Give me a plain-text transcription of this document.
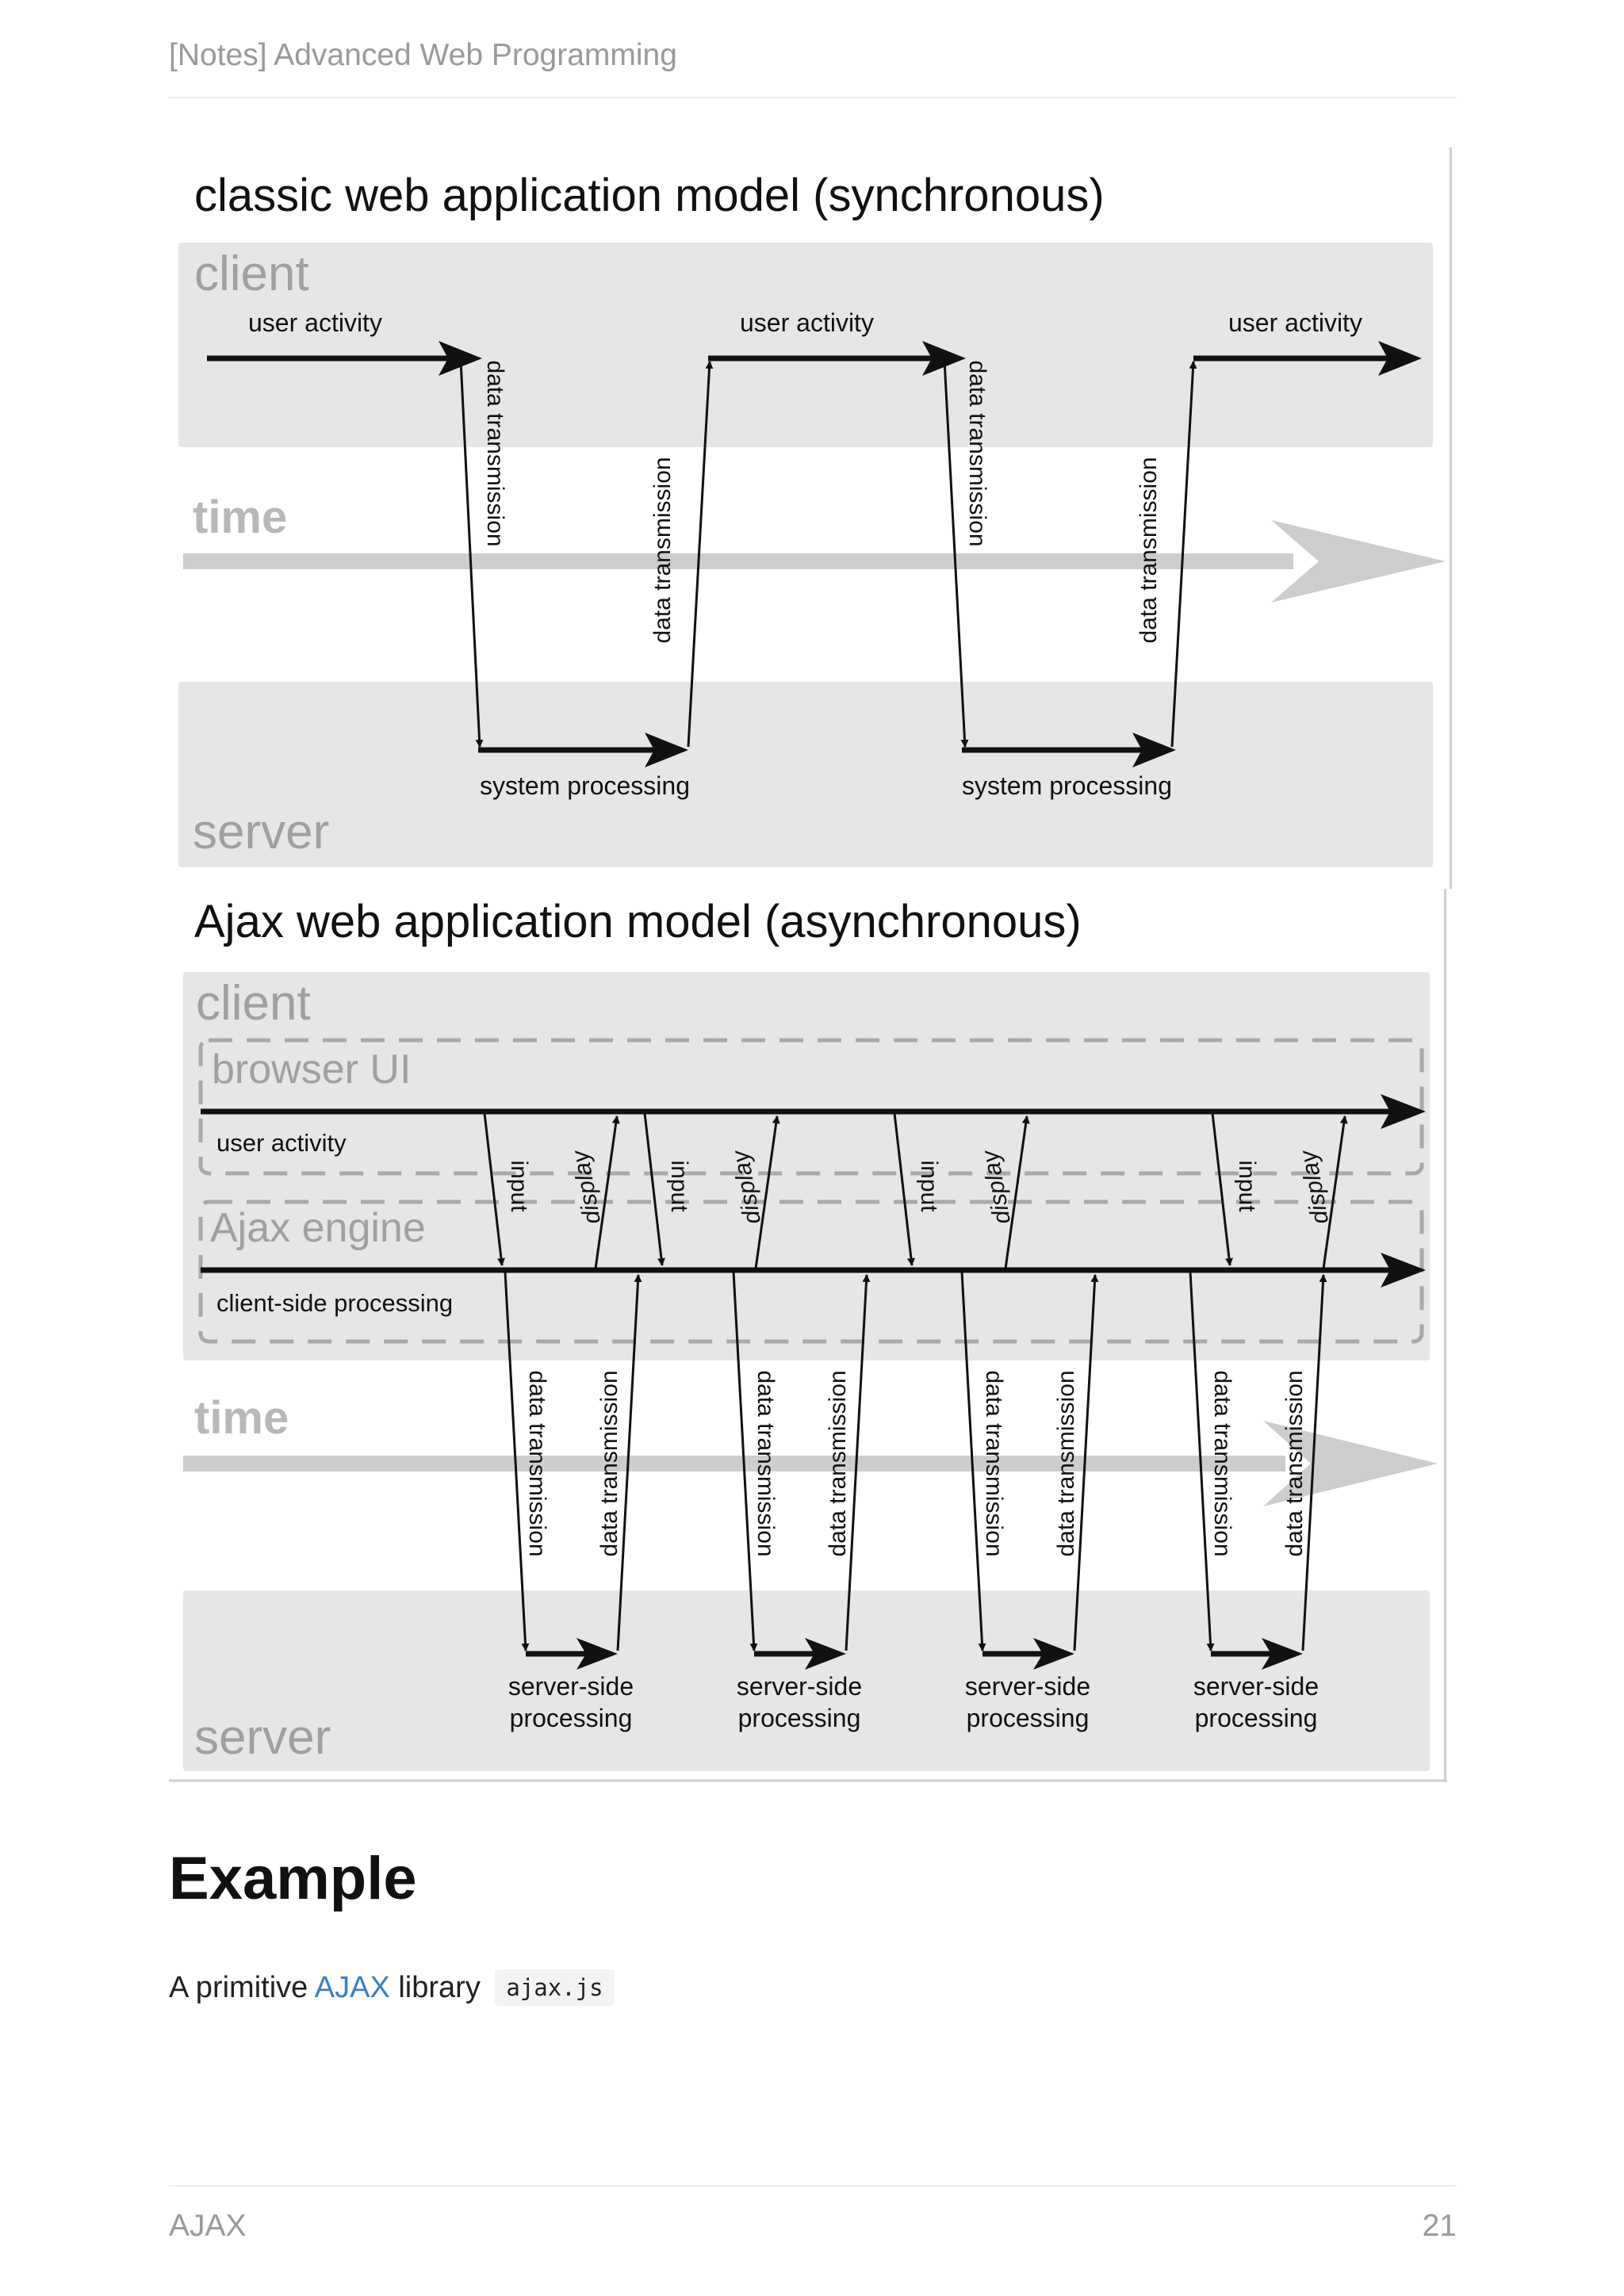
[Notes] Advanced Web Programming
classic web application model (synchronous)
client
time
server
user activity	user activity	user activity
system processing	system processing
data transmission
data transmission
data transmission
data transmission
Ajax web application model (asynchronous)
client
browser UI
user activity
Ajax engine
client-side processing
time
input display	input display	input display	input display
data transmission data transmission	data transmission data transmission	data transmission data transmission	data transmission data transmission
server-side
processing
server-side
processing
server-side
processing
server-side
processing
server
Example
A primitive AJAX library ajax.js
AJAX	21
